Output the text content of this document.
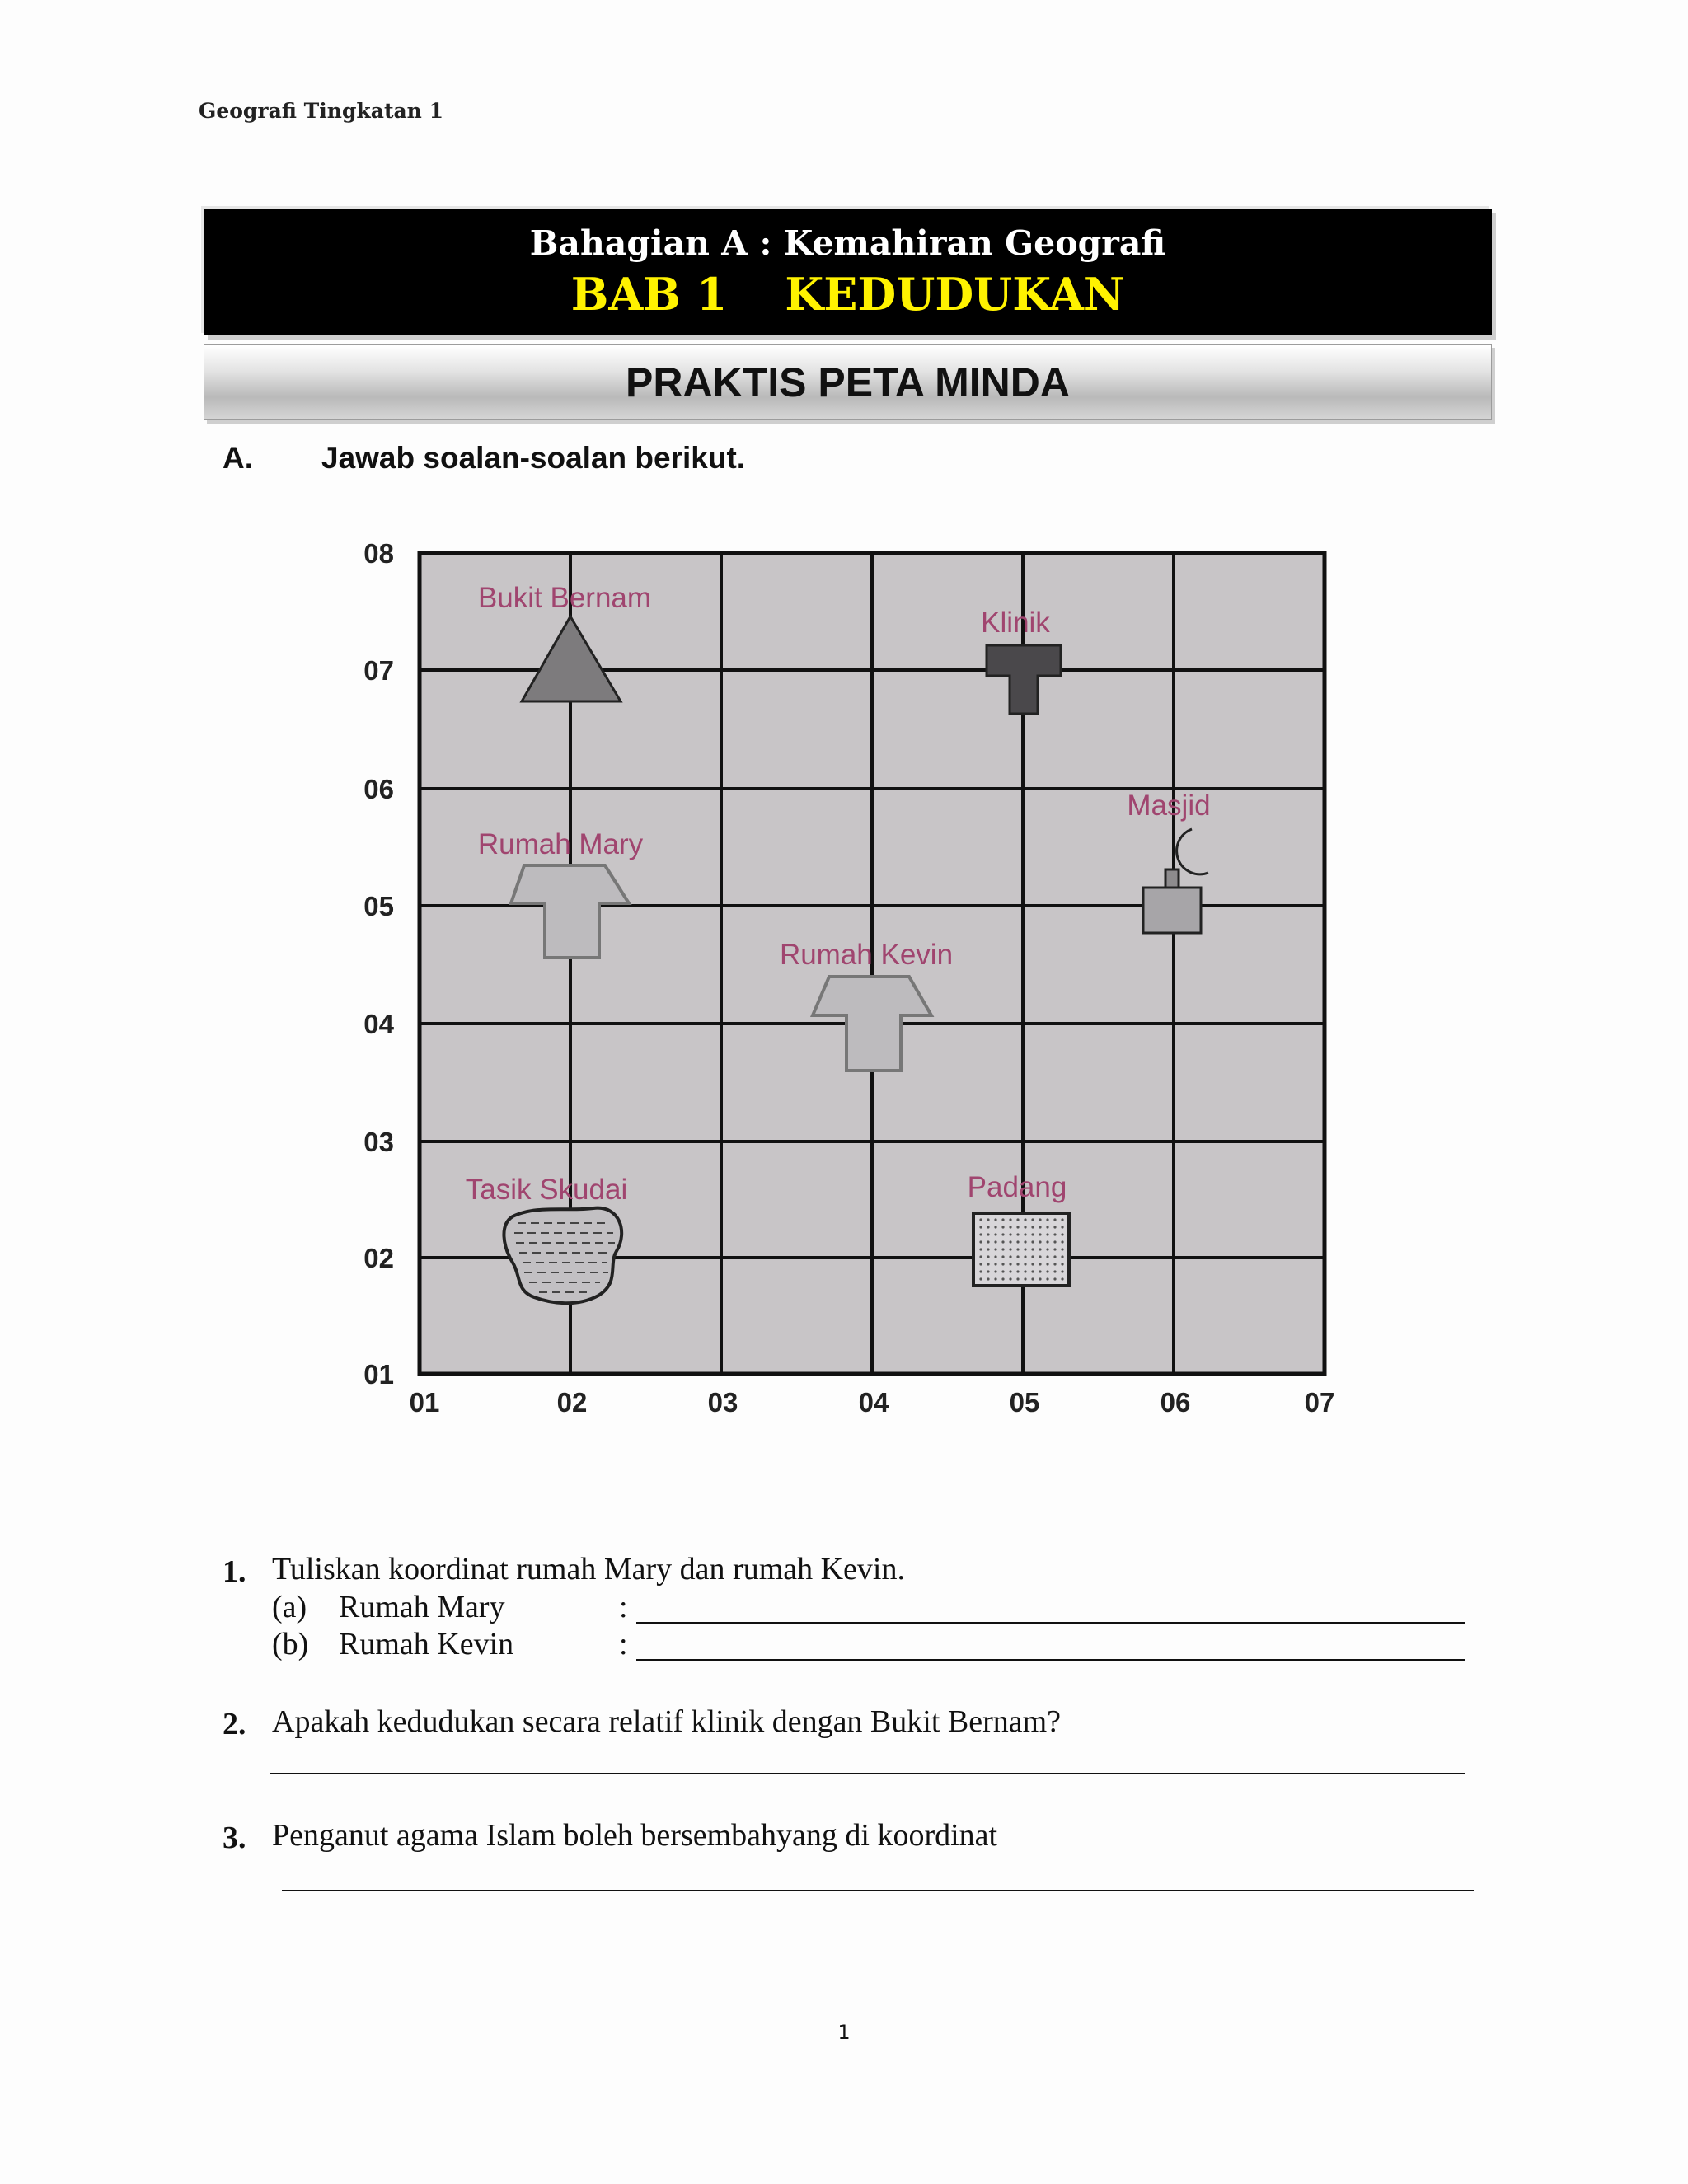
Geografi Tingkatan 1
Bahagian A : Kemahiran Geografi
BAB 1 KEDUDUKAN
PRAKTIS PETA MINDA
A. Jawab soalan-soalan berikut.
01	02	03	04	05	06	07
01
02
03
04
05
06
07
08
Bukit Bernam
Klinik
Masjid
Rumah Mary
Rumah Kevin
Tasik Skudai	Padang
1. Tuliskan koordinat rumah Mary dan rumah Kevin.
(a) Rumah Mary	:
(b) Rumah Kevin	:
2. Apakah kedudukan secara relatif klinik dengan Bukit Bernam?
3. Penganut agama Islam boleh bersembahyang di koordinat
1
